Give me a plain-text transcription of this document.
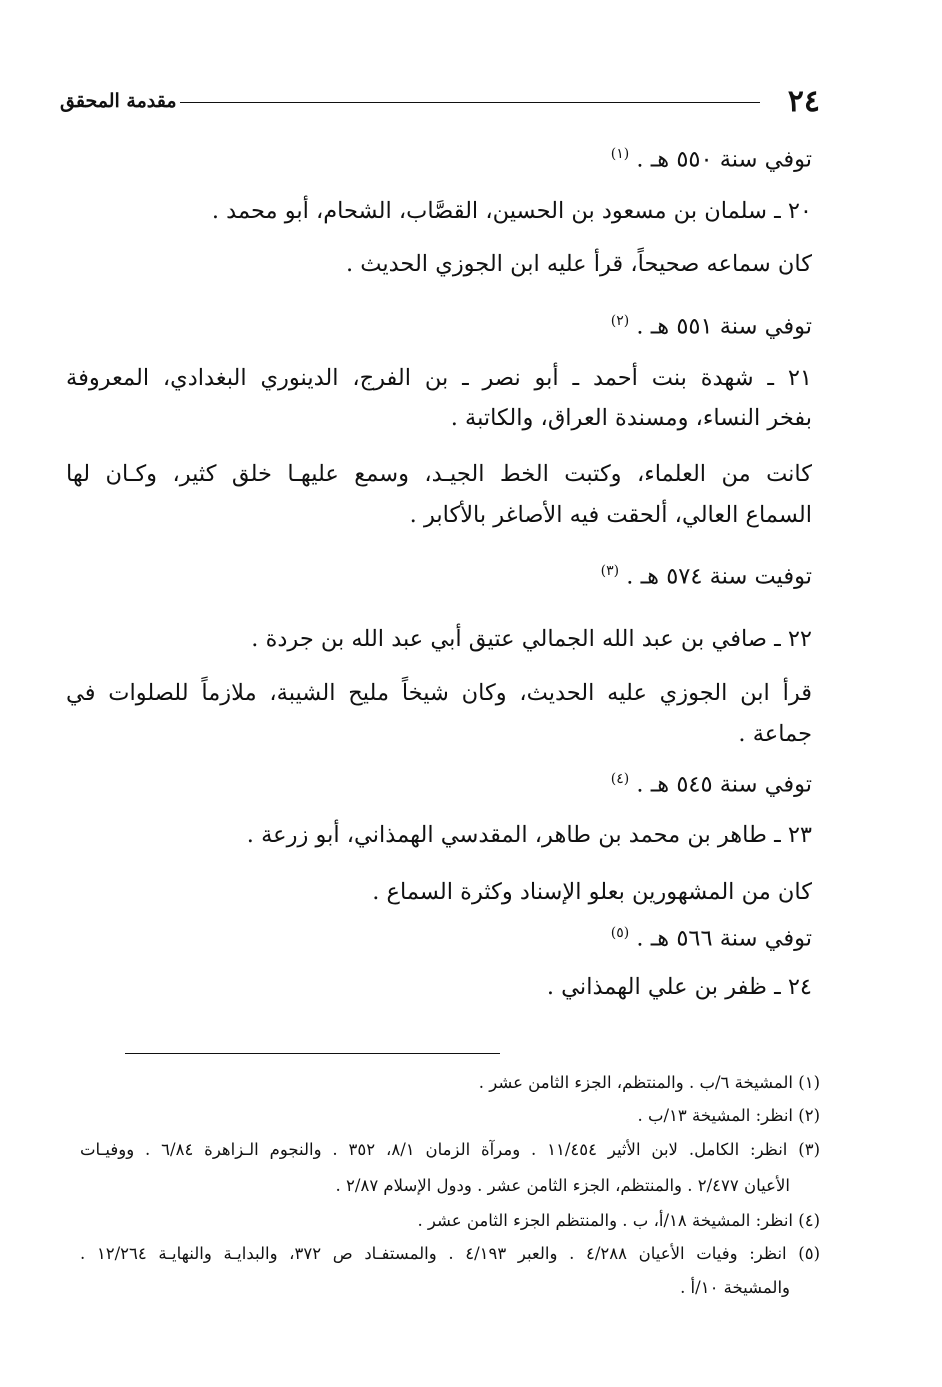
٢٤
مقدمة المحقق
توفي سنة ٥٥٠ هـ . $^{(١)}$
٢٠ ـ سلمان بن مسعود بن الحسين، القصَّاب، الشحام، أبو محمد .
كان سماعه صحيحاً، قرأ عليه ابن الجوزي الحديث .
توفي سنة ٥٥١ هـ . $^{(٢)}$
٢١ ـ شهدة بنت أحمد ـ أبو نصر ـ بن الفرج، الدينوري البغدادي، المعروفة
بفخر النساء، ومسندة العراق، والكاتبة .
كانت من العلماء، وكتبت الخط الجيـد، وسمع عليهـا خلق كثير، وكـان لها
السماع العالي، ألحقت فيه الأصاغر بالأكابر .
توفيت سنة ٥٧٤ هـ . $^{(٣)}$
٢٢ ـ صافي بن عبد الله الجمالي عتيق أبي عبد الله بن جردة .
قرأ ابن الجوزي عليه الحديث، وكان شيخاً مليح الشيبة، ملازماً للصلوات في
جماعة .
توفي سنة ٥٤٥ هـ . $^{(٤)}$
٢٣ ـ طاهر بن محمد بن طاهر، المقدسي الهمذاني، أبو زرعة .
كان من المشهورين بعلو الإسناد وكثرة السماع .
توفي سنة ٥٦٦ هـ . $^{(٥)}$
٢٤ ـ ظفر بن علي الهمذاني .
(١) المشيخة ٦/ب . والمنتظم، الجزء الثامن عشر .
(٢) انظر: المشيخة ١٣/ب .
(٣) انظر: الكامل. لابن الأثير ١١/٤٥٤ . ومرآة الزمان ٨/١، ٣٥٢ . والنجوم الـزاهرة ٦/٨٤ . ووفيـات
الأعيان ٢/٤٧٧ . والمنتظم، الجزء الثامن عشر . ودول الإسلام ٢/٨٧ .
(٤) انظر: المشيخة ١٨/أ، ب . والمنتظم الجزء الثامن عشر .
(٥) انظر: وفيات الأعيان ٤/٢٨٨ . والعبر ٤/١٩٣ . والمستفـاد ص ٣٧٢، والبدايـة والنهايـة ١٢/٢٦٤ .
والمشيخة ١٠/أ .
